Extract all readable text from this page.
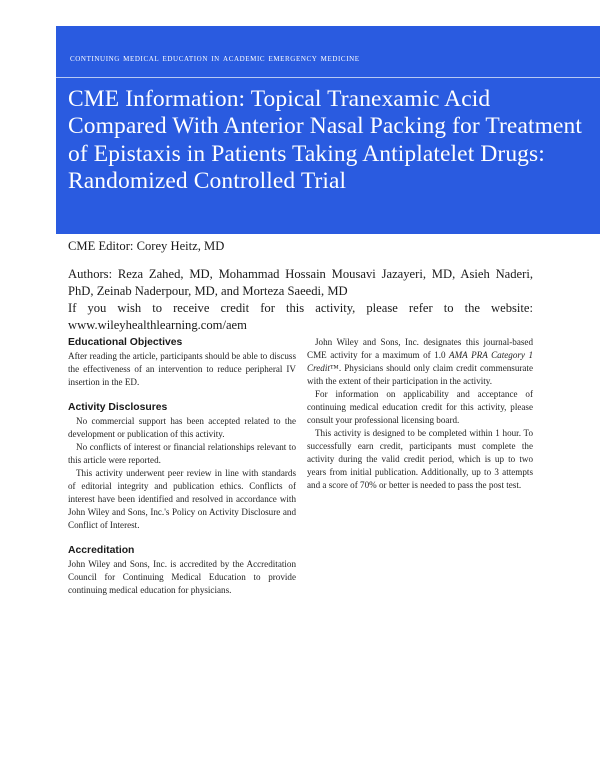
continuing medical education in academic emergency medicine
CME Information: Topical Tranexamic Acid Compared With Anterior Nasal Packing for Treatment of Epistaxis in Patients Taking Antiplatelet Drugs: Randomized Controlled Trial
CME Editor: Corey Heitz, MD
Authors: Reza Zahed, MD, Mohammad Hossain Mousavi Jazayeri, MD, Asieh Naderi, PhD, Zeinab Naderpour, MD, and Morteza Saeedi, MD
If you wish to receive credit for this activity, please refer to the website: www.wileyhealthlearning.com/aem
Educational Objectives

After reading the article, participants should be able to discuss the effectiveness of an intervention to reduce peripheral IV insertion in the ED.

Activity Disclosures

No commercial support has been accepted related to the development or publication of this activity.

No conflicts of interest or financial relationships relevant to this article were reported.

This activity underwent peer review in line with standards of editorial integrity and publication ethics. Conflicts of interest have been identified and resolved in accordance with John Wiley and Sons, Inc.'s Policy on Activity Disclosure and Conflict of Interest.

Accreditation

John Wiley and Sons, Inc. is accredited by the Accreditation Council for Continuing Medical Education to provide continuing medical education for physicians.

John Wiley and Sons, Inc. designates this journal-based CME activity for a maximum of 1.0 AMA PRA Category 1 Credit™. Physicians should only claim credit commensurate with the extent of their participation in the activity.

For information on applicability and acceptance of continuing medical education credit for this activity, please consult your professional licensing board.

This activity is designed to be completed within 1 hour. To successfully earn credit, participants must complete the activity during the valid credit period, which is up to two years from initial publication. Additionally, up to 3 attempts and a score of 70% or better is needed to pass the post test.
